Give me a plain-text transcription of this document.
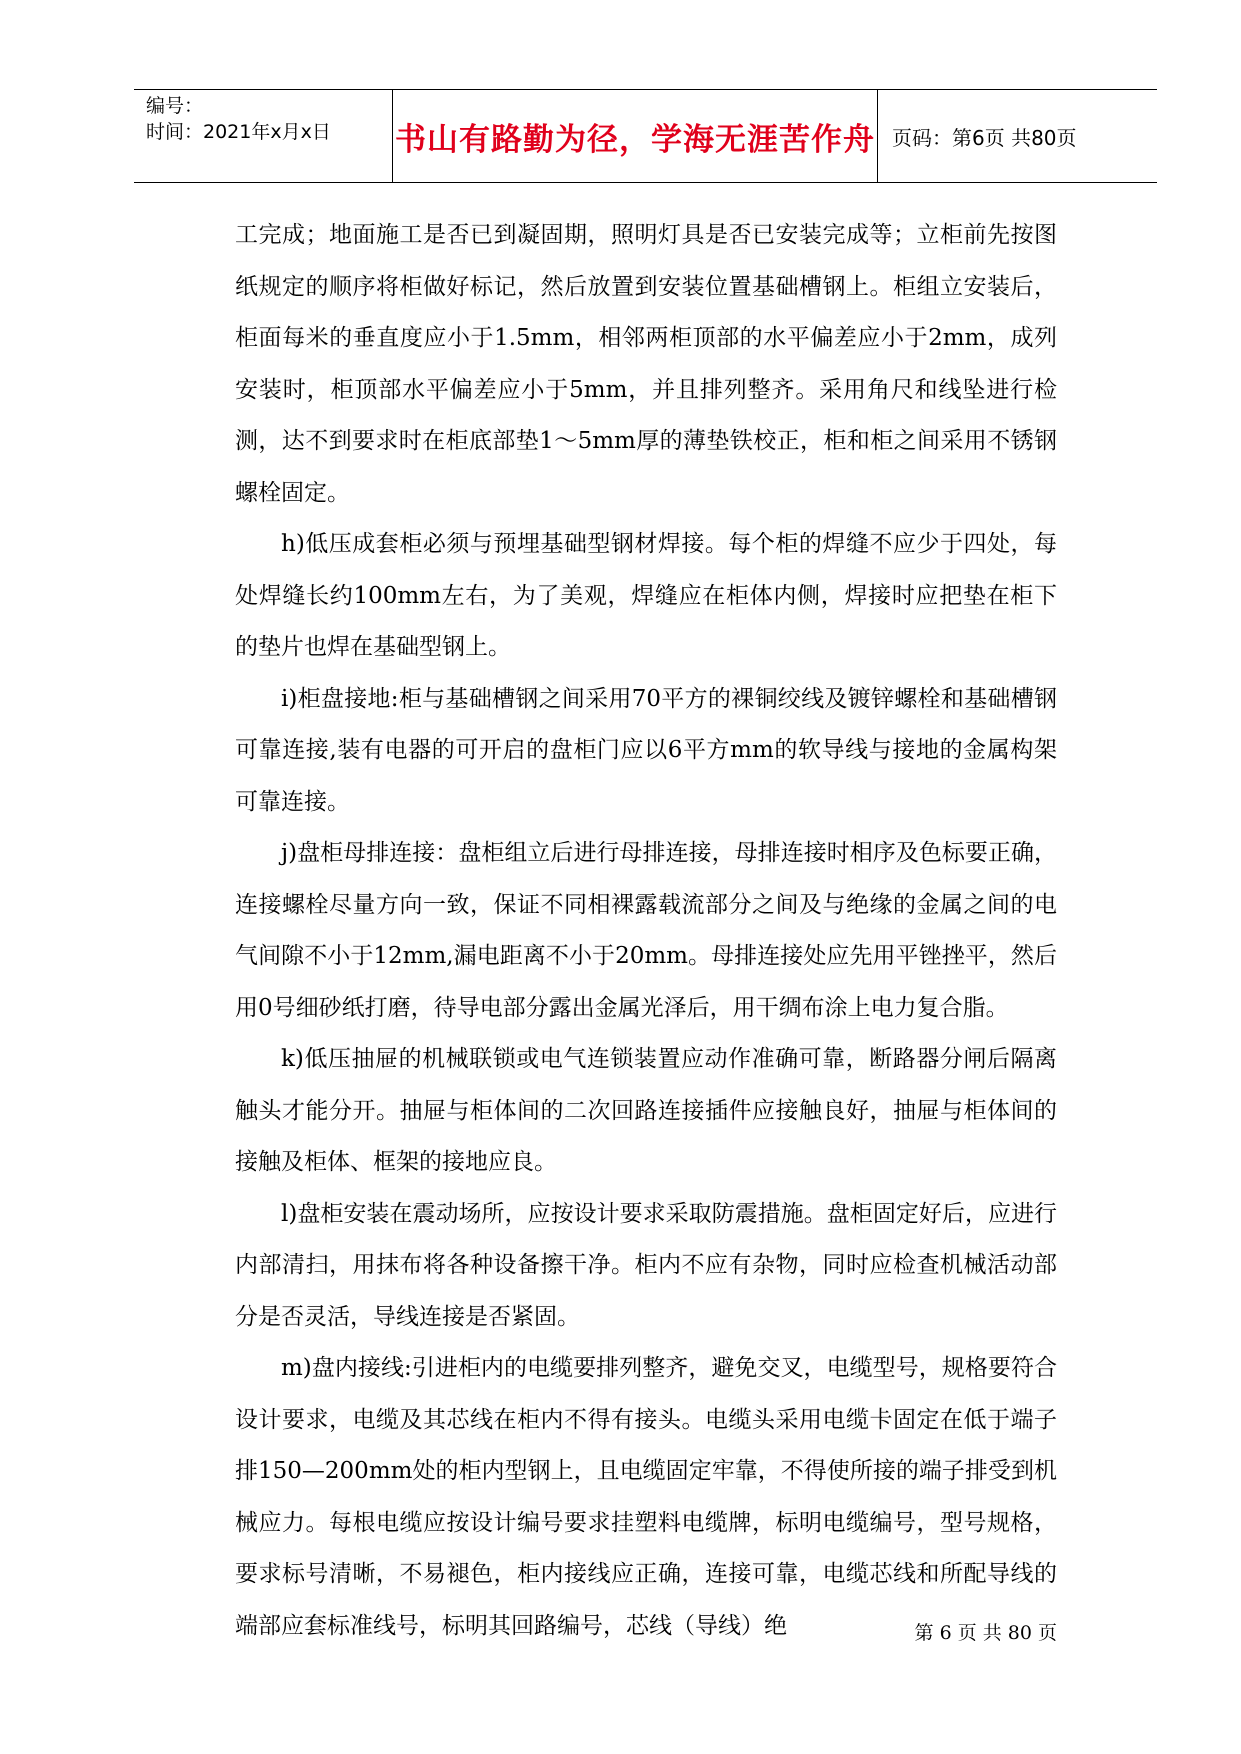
编号：
时间：2021年x月x日 书山有路勤为径，学海无涯苦作舟 页码：第6页 共80页

工完成；地面施工是否已到凝固期，照明灯具是否已安装完成等；立柜前先按图纸规定的顺序将柜做好标记，然后放置到安装位置基础槽钢上。柜组立安装后，柜面每米的垂直度应小于1.5mm，相邻两柜顶部的水平偏差应小于2mm，成列安装时，柜顶部水平偏差应小于5mm，并且排列整齐。采用角尺和线坠进行检测，达不到要求时在柜底部垫1～5mm厚的薄垫铁校正，柜和柜之间采用不锈钢螺栓固定。

h)低压成套柜必须与预埋基础型钢材焊接。每个柜的焊缝不应少于四处，每处焊缝长约100mm左右，为了美观，焊缝应在柜体内侧，焊接时应把垫在柜下的垫片也焊在基础型钢上。

i)柜盘接地:柜与基础槽钢之间采用70平方的裸铜绞线及镀锌螺栓和基础槽钢可靠连接,装有电器的可开启的盘柜门应以6平方mm的软导线与接地的金属构架可靠连接。

j)盘柜母排连接：盘柜组立后进行母排连接，母排连接时相序及色标要正确，连接螺栓尽量方向一致，保证不同相裸露载流部分之间及与绝缘的金属之间的电气间隙不小于12mm,漏电距离不小于20mm。母排连接处应先用平锉挫平，然后用0号细砂纸打磨，待导电部分露出金属光泽后，用干绸布涂上电力复合脂。

k)低压抽屉的机械联锁或电气连锁装置应动作准确可靠，断路器分闸后隔离触头才能分开。抽屉与柜体间的二次回路连接插件应接触良好，抽屉与柜体间的接触及柜体、框架的接地应良。

l)盘柜安装在震动场所，应按设计要求采取防震措施。盘柜固定好后，应进行内部清扫，用抹布将各种设备擦干净。柜内不应有杂物，同时应检查机械活动部分是否灵活，导线连接是否紧固。

m)盘内接线:引进柜内的电缆要排列整齐，避免交叉，电缆型号，规格要符合设计要求，电缆及其芯线在柜内不得有接头。电缆头采用电缆卡固定在低于端子排150—200mm处的柜内型钢上，且电缆固定牢靠，不得使所接的端子排受到机械应力。每根电缆应按设计编号要求挂塑料电缆牌，标明电缆编号，型号规格，要求标号清晰，不易褪色，柜内接线应正确，连接可靠，电缆芯线和所配导线的端部应套标准线号，标明其回路编号，芯线（导线）绝	第 6 页 共 80 页
